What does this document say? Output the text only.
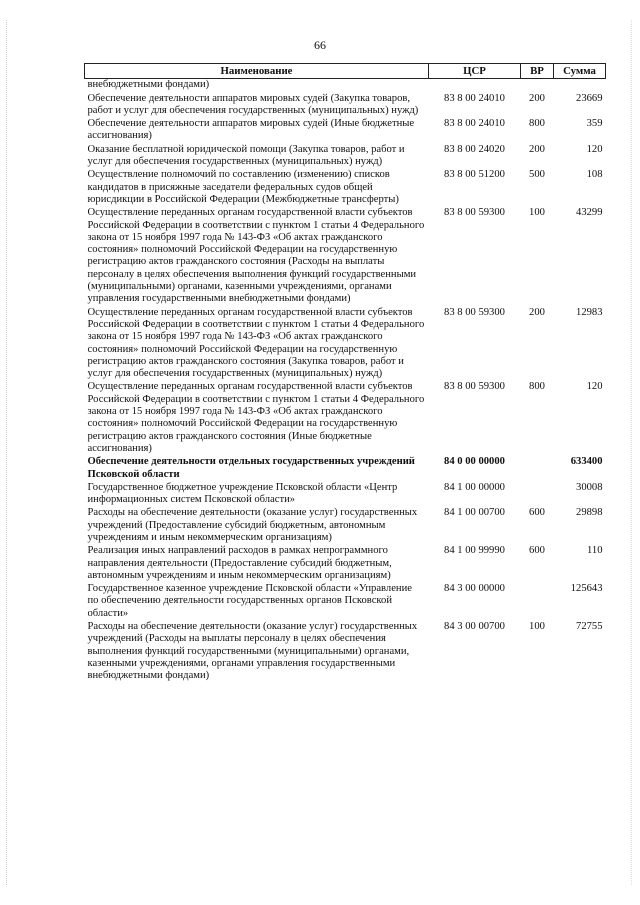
66
Наименование	ЦСР	ВР	Сумма
внебюджетными фондами)			
Обеспечение деятельности аппаратов мировых судей (Закупка товаров, работ и услуг для обеспечения государственных (муниципальных) нужд)	83 8 00 24010	200	23669
Обеспечение деятельности аппаратов мировых судей (Иные бюджетные ассигнования)	83 8 00 24010	800	359
Оказание бесплатной юридической помощи (Закупка товаров, работ и услуг для обеспечения государственных (муниципальных) нужд)	83 8 00 24020	200	120
Осуществление полномочий по составлению (изменению) списков кандидатов в присяжные заседатели федеральных судов общей юрисдикции в Российской Федерации (Межбюджетные трансферты)	83 8 00 51200	500	108
Осуществление переданных органам государственной власти субъектов Российской Федерации в соответствии с пунктом 1 статьи 4 Федерального закона от 15 ноября 1997 года № 143-ФЗ «Об актах гражданского состояния» полномочий Российской Федерации на государственную регистрацию актов гражданского состояния (Расходы на выплаты персоналу в целях обеспечения выполнения функций государственными (муниципальными) органами, казенными учреждениями, органами управления государственными внебюджетными фондами)	83 8 00 59300	100	43299
Осуществление переданных органам государственной власти субъектов Российской Федерации в соответствии с пунктом 1 статьи 4 Федерального закона от 15 ноября 1997 года № 143-ФЗ «Об актах гражданского состояния» полномочий Российской Федерации на государственную регистрацию актов гражданского состояния (Закупка товаров, работ и услуг для обеспечения государственных (муниципальных) нужд)	83 8 00 59300	200	12983
Осуществление переданных органам государственной власти субъектов Российской Федерации в соответствии с пунктом 1 статьи 4 Федерального закона от 15 ноября 1997 года № 143-ФЗ «Об актах гражданского состояния» полномочий Российской Федерации на государственную регистрацию актов гражданского состояния (Иные бюджетные ассигнования)	83 8 00 59300	800	120
Обеспечение деятельности отдельных государственных учреждений Псковской области	84 0 00 00000		633400
Государственное бюджетное учреждение Псковской области «Центр информационных систем Псковской области»	84 1 00 00000		30008
Расходы на обеспечение деятельности (оказание услуг) государственных учреждений (Предоставление субсидий бюджетным, автономным учреждениям и иным некоммерческим организациям)	84 1 00 00700	600	29898
Реализация иных направлений расходов в рамках непрограммного направления деятельности (Предоставление субсидий бюджетным, автономным учреждениям и иным некоммерческим организациям)	84 1 00 99990	600	110
Государственное казенное учреждение Псковской области «Управление по обеспечению деятельности государственных органов Псковской области»	84 3 00 00000		125643
Расходы на обеспечение деятельности (оказание услуг) государственных учреждений (Расходы на выплаты персоналу в целях обеспечения выполнения функций государственными (муниципальными) органами, казенными учреждениями, органами управления государственными внебюджетными фондами)	84 3 00 00700	100	72755
